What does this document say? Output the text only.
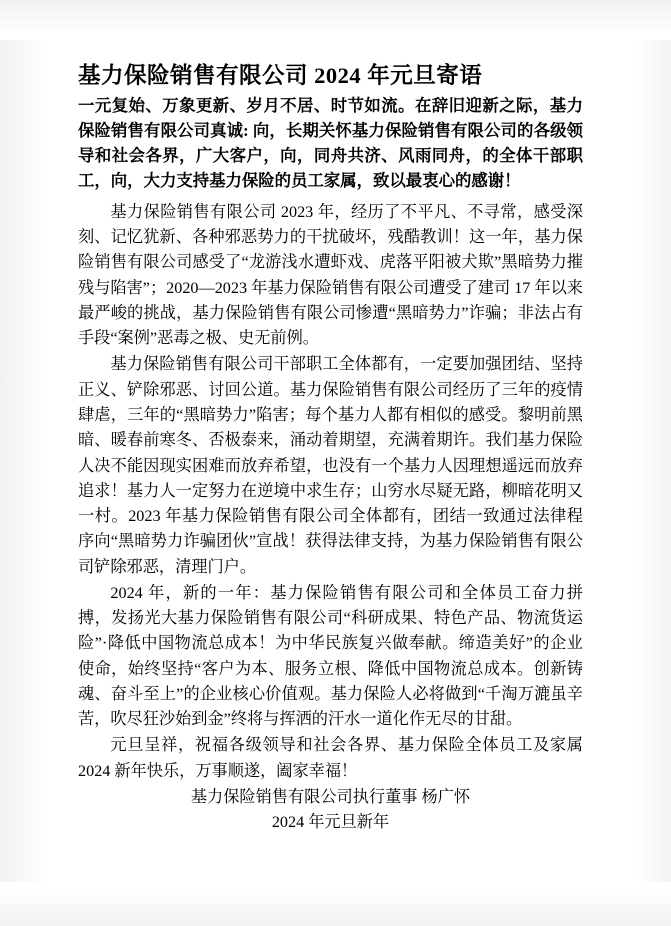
基力保险销售有限公司 2024 年元旦寄语

一元复始、万象更新、岁月不居、时节如流。在辞旧迎新之际，基力保险销售有限公司真诚: 向，长期关怀基力保险销售有限公司的各级领导和社会各界，广大客户，向，同舟共济、风雨同舟，的全体干部职工，向，大力支持基力保险的员工家属，致以最衷心的感谢！

基力保险销售有限公司 2023 年，经历了不平凡、不寻常，感受深刻、记忆犹新、各种邪恶势力的干扰破坏，残酷教训！这一年，基力保险销售有限公司感受了“龙游浅水遭虾戏、虎落平阳被犬欺”黑暗势力摧残与陷害”；2020—2023 年基力保险销售有限公司遭受了建司 17 年以来最严峻的挑战，基力保险销售有限公司惨遭“黑暗势力”诈骗；非法占有手段“案例”恶毒之极、史无前例。

基力保险销售有限公司干部职工全体都有，一定要加强团结、坚持正义、铲除邪恶、讨回公道。基力保险销售有限公司经历了三年的疫情肆虐，三年的“黑暗势力”陷害；每个基力人都有相似的感受。黎明前黑暗、暖春前寒冬、否极泰来，涌动着期望，充满着期许。我们基力保险人决不能因现实困难而放弃希望，也没有一个基力人因理想遥远而放弃追求！基力人一定努力在逆境中求生存；山穷水尽疑无路，柳暗花明又一村。2023 年基力保险销售有限公司全体都有，团结一致通过法律程序向“黑暗势力诈骗团伙”宣战！获得法律支持，为基力保险销售有限公司铲除邪恶，清理门户。

2024 年，新的一年：基力保险销售有限公司和全体员工奋力拼搏，发扬光大基力保险销售有限公司“科研成果、特色产品、物流货运险”·降低中国物流总成本！为中华民族复兴做奉献。缔造美好”的企业使命，始终坚持“客户为本、服务立根、降低中国物流总成本。创新铸魂、奋斗至上”的企业核心价值观。基力保险人必将做到“千淘万漉虽辛苦，吹尽狂沙始到金”终将与挥洒的汗水一道化作无尽的甘甜。

元旦呈祥，祝福各级领导和社会各界、基力保险全体员工及家属 2024 新年快乐，万事顺遂，阖家幸福！

基力保险销售有限公司执行董事 杨广怀

2024 年元旦新年
